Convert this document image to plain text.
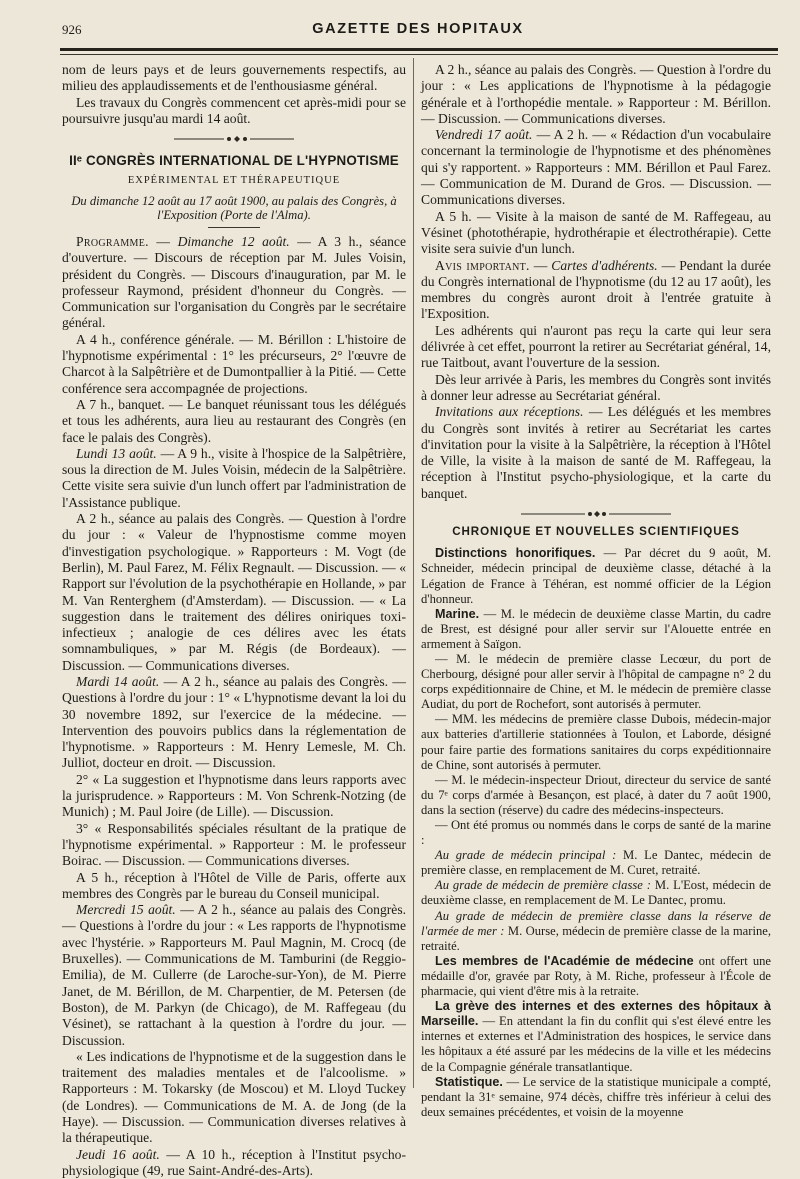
926	GAZETTE DES HOPITAUX

nom de leurs pays et de leurs gouvernements respectifs, au milieu des applaudissements et de l'enthousiasme général.

Les travaux du Congrès commencent cet après-midi pour se poursuivre jusqu'au mardi 14 août.

IIᵉ CONGRÈS INTERNATIONAL DE L'HYPNOTISME
EXPÉRIMENTAL ET THÉRAPEUTIQUE
Du dimanche 12 août au 17 août 1900, au palais des Congrès, à l'Exposition (Porte de l'Alma).

Programme. — Dimanche 12 août. — A 3 h., séance d'ouverture. — Discours de réception par M. Jules Voisin, président du Congrès. — Discours d'inauguration, par M. le professeur Raymond, président d'honneur du Congrès. — Communication sur l'organisation du Congrès par le secrétaire général.

A 4 h., conférence générale. — M. Bérillon : L'histoire de l'hypnotisme expérimental : 1° les précurseurs, 2° l'œuvre de Charcot à la Salpêtrière et de Dumontpallier à la Pitié. — Cette conférence sera accompagnée de projections.

A 7 h., banquet. — Le banquet réunissant tous les délégués et tous les adhérents, aura lieu au restaurant des Congrès (en face le palais des Congrès).

Lundi 13 août. — A 9 h., visite à l'hospice de la Salpêtrière, sous la direction de M. Jules Voisin, médecin de la Salpêtrière. Cette visite sera suivie d'un lunch offert par l'administration de l'Assistance publique.

A 2 h., séance au palais des Congrès. — Question à l'ordre du jour : « Valeur de l'hypnostisme comme moyen d'investigation psychologique. » Rapporteurs : M. Vogt (de Berlin), M. Paul Farez, M. Félix Regnault. — Discussion. — « Rapport sur l'évolution de la psychothérapie en Hollande, » par M. Van Renterghem (d'Amsterdam). — Discussion. — « La suggestion dans le traitement des délires oniriques toxi-infectieux ; analogie de ces délires avec les états somnambuliques, » par M. Régis (de Bordeaux). — Discussion. — Communications diverses.

Mardi 14 août. — A 2 h., séance au palais des Congrès. — Questions à l'ordre du jour : 1° « L'hypnotisme devant la loi du 30 novembre 1892, sur l'exercice de la médecine. — Intervention des pouvoirs publics dans la réglementation de l'hypnotisme. » Rapporteurs : M. Henry Lemesle, M. Ch. Julliot, docteur en droit. — Discussion.

2° « La suggestion et l'hypnotisme dans leurs rapports avec la jurisprudence. » Rapporteurs : M. Von Schrenk-Notzing (de Munich) ; M. Paul Joire (de Lille). — Discussion.

3° « Responsabilités spéciales résultant de la pratique de l'hypnotisme expérimental. » Rapporteur : M. le professeur Boirac. — Discussion. — Communications diverses.

A 5 h., réception à l'Hôtel de Ville de Paris, offerte aux membres des Congrès par le bureau du Conseil municipal.

Mercredi 15 août. — A 2 h., séance au palais des Congrès. — Questions à l'ordre du jour : « Les rapports de l'hypnotisme avec l'hystérie. » Rapporteurs M. Paul Magnin, M. Crocq (de Bruxelles). — Communications de M. Tamburini (de Reggio-Emilia), de M. Cullerre (de Laroche-sur-Yon), de M. Pierre Janet, de M. Bérillon, de M. Charpentier, de M. Petersen (de Boston), de M. Parkyn (de Chicago), de M. Raffegeau (du Vésinet), se rattachant à la question à l'ordre du jour. — Discussion.

« Les indications de l'hypnotisme et de la suggestion dans le traitement des maladies mentales et de l'alcoolisme. » Rapporteurs : M. Tokarsky (de Moscou) et M. Lloyd Tuckey (de Londres). — Communications de M. A. de Jong (de la Haye). — Discussion. — Communication diverses relatives à la thérapeutique.

Jeudi 16 août. — A 10 h., réception à l'Institut psycho-physiologique (49, rue Saint-André-des-Arts).

A 2 h., séance au palais des Congrès. — Question à l'ordre du jour : « Les applications de l'hypnotisme à la pédagogie générale et à l'orthopédie mentale. » Rapporteur : M. Bérillon. — Discussion. — Communications diverses.

Vendredi 17 août. — A 2 h. — « Rédaction d'un vocabulaire concernant la terminologie de l'hypnotisme et des phénomènes qui s'y rapportent. » Rapporteurs : MM. Bérillon et Paul Farez. — Communication de M. Durand de Gros. — Discussion. — Communications diverses.

A 5 h. — Visite à la maison de santé de M. Raffegeau, au Vésinet (photothérapie, hydrothérapie et électrothérapie). Cette visite sera suivie d'un lunch.

Avis important. — Cartes d'adhérents. — Pendant la durée du Congrès international de l'hypnotisme (du 12 au 17 août), les membres du congrès auront droit à l'entrée gratuite à l'Exposition.

Les adhérents qui n'auront pas reçu la carte qui leur sera délivrée à cet effet, pourront la retirer au Secrétariat général, 14, rue Taitbout, avant l'ouverture de la session.

Dès leur arrivée à Paris, les membres du Congrès sont invités à donner leur adresse au Secrétariat général.

Invitations aux réceptions. — Les délégués et les membres du Congrès sont invités à retirer au Secrétariat les cartes d'invitation pour la visite à la Salpêtrière, la réception à l'Hôtel de Ville, la visite à la maison de santé de M. Raffegeau, la réception à l'Institut psycho-physiologique, et la carte du banquet.

CHRONIQUE ET NOUVELLES SCIENTIFIQUES

Distinctions honorifiques. — Par décret du 9 août, M. Schneider, médecin principal de deuxième classe, détaché à la Légation de France à Téhéran, est nommé officier de la Légion d'honneur.

Marine. — M. le médecin de deuxième classe Martin, du cadre de Brest, est désigné pour aller servir sur l'Alouette entrée en armement à Saïgon.

— M. le médecin de première classe Lecœur, du port de Cherbourg, désigné pour aller servir à l'hôpital de campagne n° 2 du corps expéditionnaire de Chine, et M. le médecin de première classe Audiat, du port de Rochefort, sont autorisés à permuter.

— MM. les médecins de première classe Dubois, médecin-major aux batteries d'artillerie stationnées à Toulon, et Laborde, désigné pour faire partie des formations sanitaires du corps expéditionnaire de Chine, sont autorisés à permuter.

— M. le médecin-inspecteur Driout, directeur du service de santé du 7ᵉ corps d'armée à Besançon, est placé, à dater du 7 août 1900, dans la section (réserve) du cadre des médecins-inspecteurs.

— Ont été promus ou nommés dans le corps de santé de la marine :

Au grade de médecin principal : M. Le Dantec, médecin de première classe, en remplacement de M. Curet, retraité.

Au grade de médecin de première classe : M. L'Eost, médecin de deuxième classe, en remplacement de M. Le Dantec, promu.

Au grade de médecin de première classe dans la réserve de l'armée de mer : M. Ourse, médecin de première classe de la marine, retraité.

Les membres de l'Académie de médecine ont offert une médaille d'or, gravée par Roty, à M. Riche, professeur à l'École de pharmacie, qui vient d'être mis à la retraite.

La grève des internes et des externes des hôpitaux à Marseille. — En attendant la fin du conflit qui s'est élevé entre les internes et externes et l'Administration des hospices, le service dans les hôpitaux a été assuré par les médecins de la ville et les médecins de la Compagnie générale transatlantique.

Statistique. — Le service de la statistique municipale a compté, pendant la 31ᵉ semaine, 974 décès, chiffre très inférieur à celui des deux semaines précédentes, et voisin de la moyenne
